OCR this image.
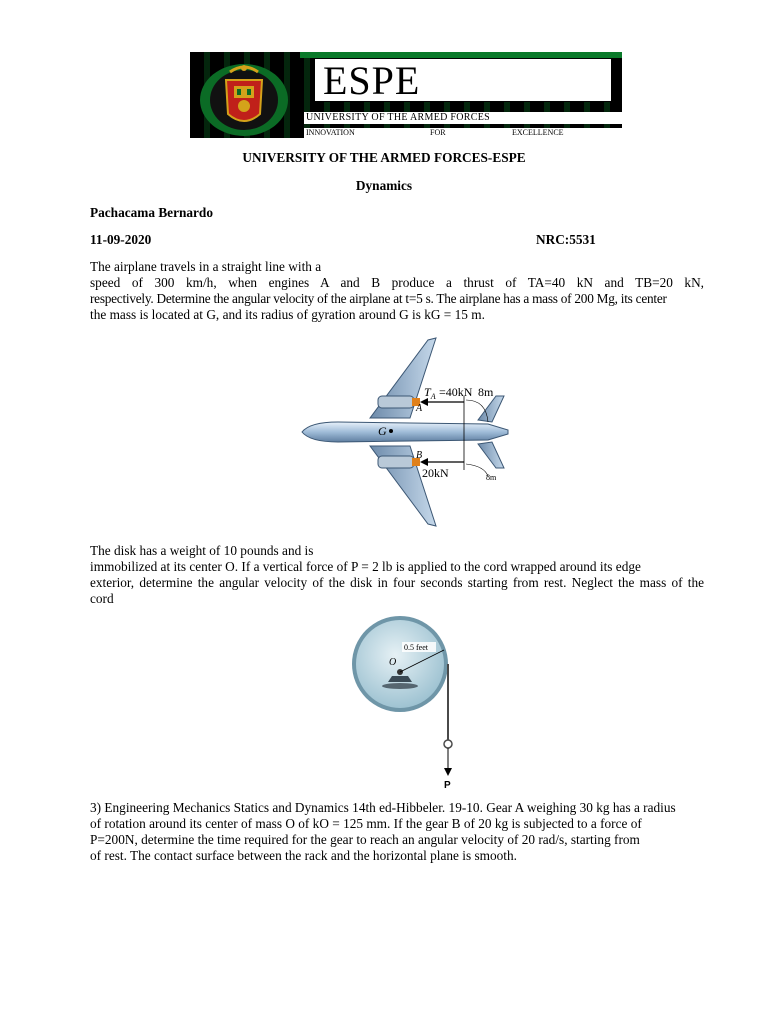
ESPE
UNIVERSITY OF THE ARMED FORCES
INNOVATION	FOR	EXCELLENCE
UNIVERSITY OF THE ARMED FORCES-ESPE
Dynamics
Pachacama Bernardo
11-09-2020	NRC:5531
The airplane travels in a straight line with a
speed of 300 km/h, when engines A and B produce a thrust of TA=40 kN and TB=20 kN,
respectively. Determine the angular velocity of the airplane at t=5 s. The airplane has a mass of 200 Mg, its center
the mass is located at G, and its radius of gyration around G is kG = 15 m.
G
$T_A =40kN$ 8m
A
B
20kN	8m
The disk has a weight of 10 pounds and is
immobilized at its center O. If a vertical force of P = 2 lb is applied to the cord wrapped around its edge
exterior, determine the angular velocity of the disk in four seconds starting from rest. Neglect the mass of the
cord
0.5 feet
O
P
3) Engineering Mechanics Statics and Dynamics 14th ed-Hibbeler. 19-10. Gear A weighing 30 kg has a radius
of rotation around its center of mass O of kO = 125 mm. If the gear B of 20 kg is subjected to a force of
P=200N, determine the time required for the gear to reach an angular velocity of 20 rad/s, starting from
of rest. The contact surface between the rack and the horizontal plane is smooth.
